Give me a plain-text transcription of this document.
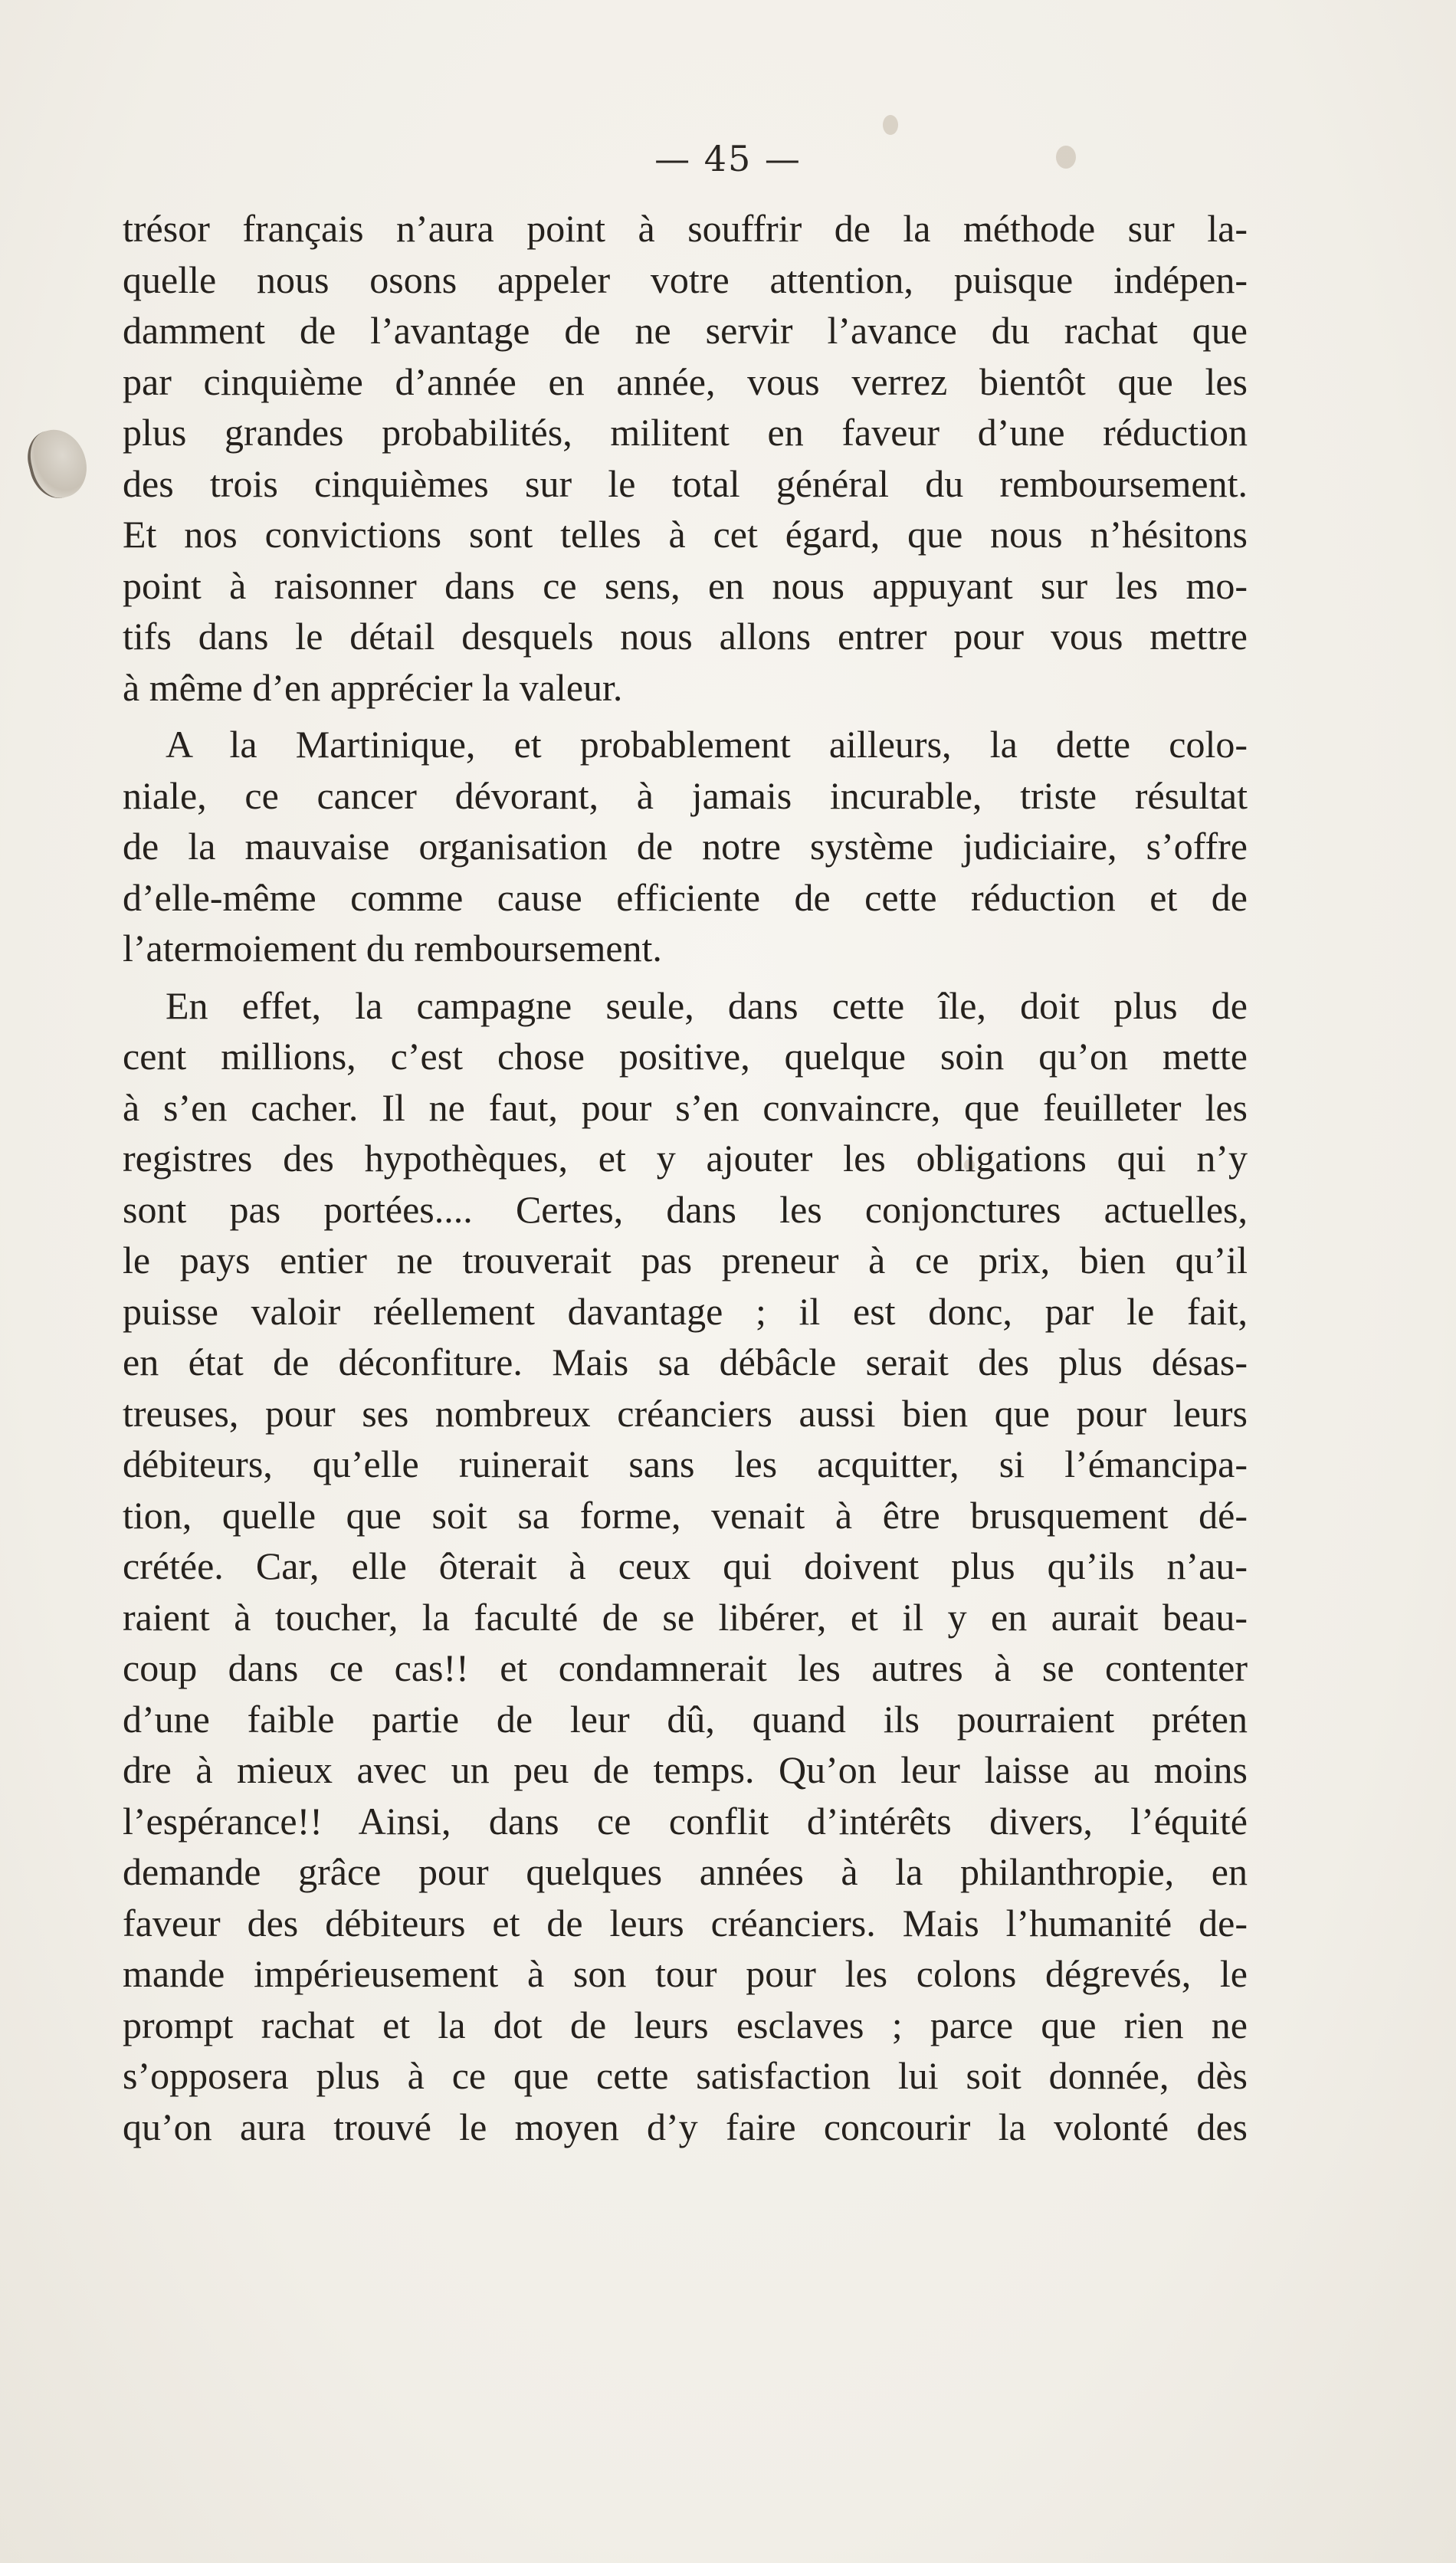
— 45 —

trésor français n’aura point à souffrir de la méthode sur la-
quelle nous osons appeler votre attention, puisque indépen-
damment de l’avantage de ne servir l’avance du rachat que
par cinquième d’année en année, vous verrez bientôt que les
plus grandes probabilités, militent en faveur d’une réduction
des trois cinquièmes sur le total général du remboursement.
Et nos convictions sont telles à cet égard, que nous n’hésitons
point à raisonner dans ce sens, en nous appuyant sur les mo-
tifs dans le détail desquels nous allons entrer pour vous mettre
à même d’en apprécier la valeur.

A la Martinique, et probablement ailleurs, la dette colo-
niale, ce cancer dévorant, à jamais incurable, triste résultat
de la mauvaise organisation de notre système judiciaire, s’offre
d’elle-même comme cause efficiente de cette réduction et de
l’atermoiement du remboursement.

En effet, la campagne seule, dans cette île, doit plus de
cent millions, c’est chose positive, quelque soin qu’on mette
à s’en cacher. Il ne faut, pour s’en convaincre, que feuilleter les
registres des hypothèques, et y ajouter les obligations qui n’y
sont pas portées.... Certes, dans les conjonctures actuelles,
le pays entier ne trouverait pas preneur à ce prix, bien qu’il
puisse valoir réellement davantage ; il est donc, par le fait,
en état de déconfiture. Mais sa débâcle serait des plus désas-
treuses, pour ses nombreux créanciers aussi bien que pour leurs
débiteurs, qu’elle ruinerait sans les acquitter, si l’émancipa-
tion, quelle que soit sa forme, venait à être brusquement dé-
crétée. Car, elle ôterait à ceux qui doivent plus qu’ils n’au-
raient à toucher, la faculté de se libérer, et il y en aurait beau-
coup dans ce cas!! et condamnerait les autres à se contenter
d’une faible partie de leur dû, quand ils pourraient préten
dre à mieux avec un peu de temps. Qu’on leur laisse au moins
l’espérance!! Ainsi, dans ce conflit d’intérêts divers, l’équité
demande grâce pour quelques années à la philanthropie, en
faveur des débiteurs et de leurs créanciers. Mais l’humanité de-
mande impérieusement à son tour pour les colons dégrevés, le
prompt rachat et la dot de leurs esclaves ; parce que rien ne
s’opposera plus à ce que cette satisfaction lui soit donnée, dès
qu’on aura trouvé le moyen d’y faire concourir la volonté des
